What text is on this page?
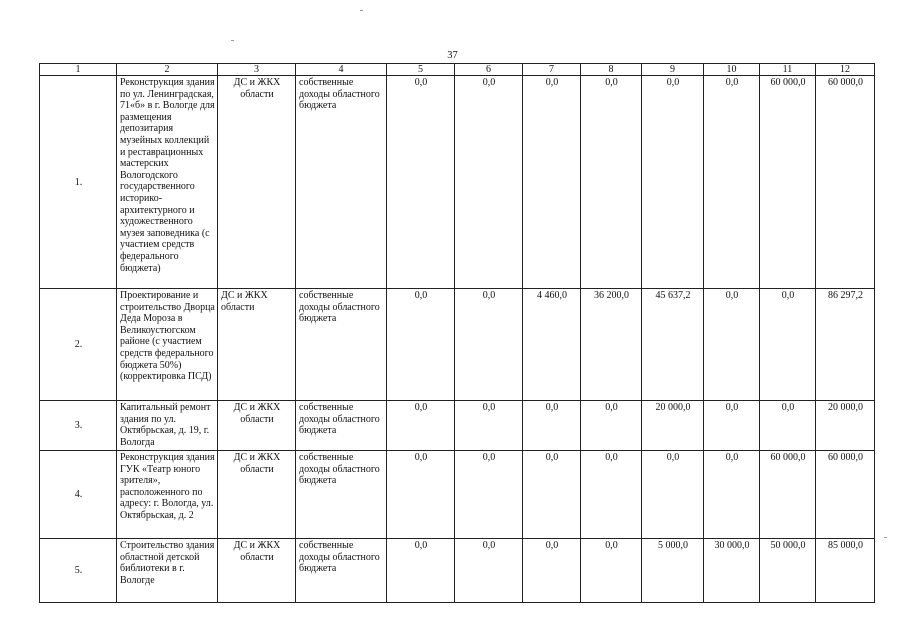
37
1	2	3	4	5	6	7	8	9	10	11	12
1.	Реконструкция здания по ул. Ленинградская, 71«б» в г. Вологде для размещения депозитария музейных коллекций и реставрационных мастерских Вологодского государственного историко-архитектурного и художественного музея заповедника (с участием средств федерального бюджета)	ДС и ЖКХ области	собственные доходы областного бюджета	0,0	0,0	0,0	0,0	0,0	0,0	60 000,0	60 000,0
2.	Проектирование и строительство Дворца Деда Мороза в Великоустюгском районе (с участием средств федерального бюджета 50%) (корректировка ПСД)	ДС и ЖКХ области	собственные доходы областного бюджета	0,0	0,0	4 460,0	36 200,0	45 637,2	0,0	0,0	86 297,2
3.	Капитальный ремонт здания по ул. Октябрьская, д. 19, г. Вологда	ДС и ЖКХ области	собственные доходы областного бюджета	0,0	0,0	0,0	0,0	20 000,0	0,0	0,0	20 000,0
4.	Реконструкция здания ГУК «Театр юного зрителя», расположенного по адресу: г. Вологда, ул. Октябрьская, д. 2	ДС и ЖКХ области	собственные доходы областного бюджета	0,0	0,0	0,0	0,0	0,0	0,0	60 000,0	60 000,0
5.	Строительство здания областной детской библиотеки в г. Вологде	ДС и ЖКХ области	собственные доходы областного бюджета	0,0	0,0	0,0	0,0	5 000,0	30 000,0	50 000,0	85 000,0
